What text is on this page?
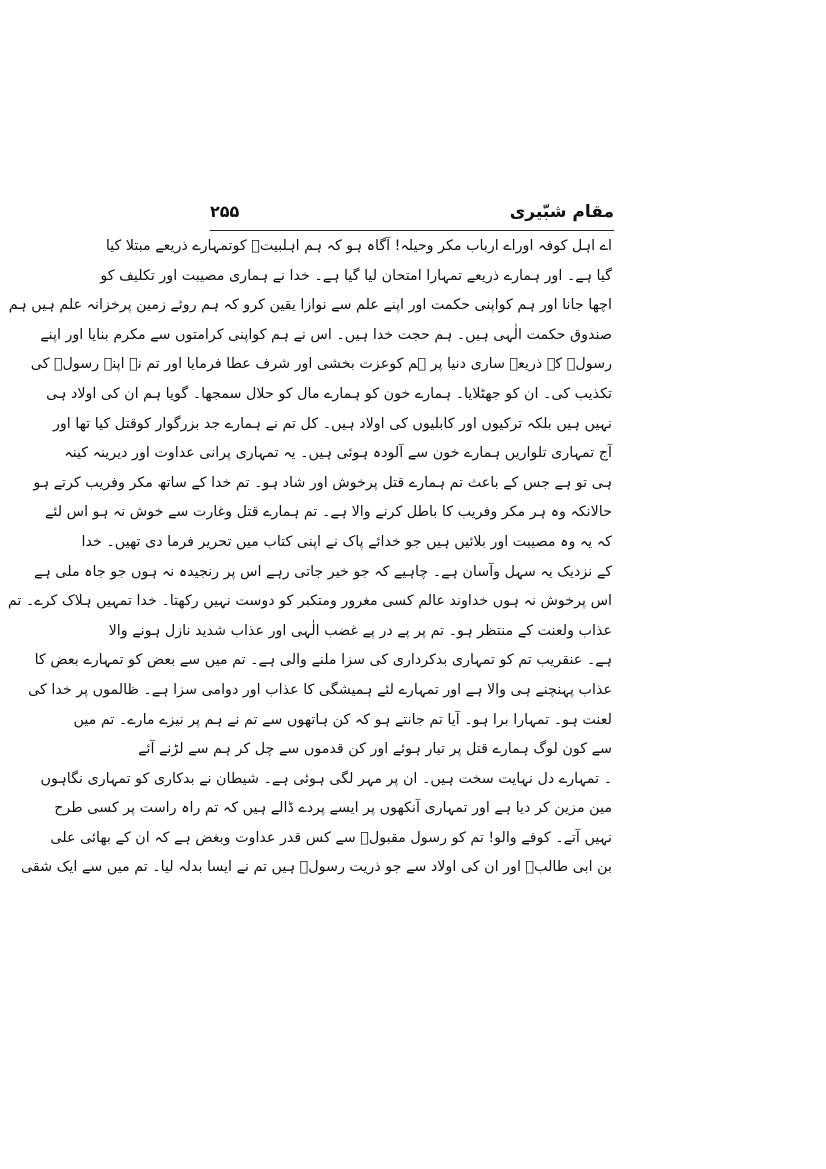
مقام شبّیری
۲۵۵
اے اہل کوفہ اوراے ارباب مکر وحیلہ! آگاہ ہو کہ ہم اہلبیتؑ کوتمہارے ذریعے مبتلا کیا
گیا ہے۔ اور ہمارے ذریعے تمہارا امتحان لیا گیا ہے۔ خدا نے ہماری مصیبت اور تکلیف کو
اچھا جانا اور ہم کواپنی حکمت اور اپنے علم سے نوازا یقین کرو کہ ہم روئے زمین پرخزانہ علم ہیں ہم
صندوق حکمت الٰہی ہیں۔ ہم حجت خدا ہیں۔ اس نے ہم کواپنی کرامتوں سے مکرم بنایا اور اپنے
رسولؐ کے ذریعے ساری دنیا پر ہم کوعزت بخشی اور شرف عطا فرمایا اور تم نے اپنے رسولؐ کی
تکذیب کی۔ ان کو جھٹلایا۔ ہمارے خون کو ہمارے مال کو حلال سمجھا۔ گویا ہم ان کی اولاد ہی
نہیں ہیں بلکہ ترکیوں اور کابلیوں کی اولاد ہیں۔ کل تم نے ہمارے جد بزرگوار کوقتل کیا تھا اور
آج تمہاری تلواریں ہمارے خون سے آلودہ ہوئی ہیں۔ یہ تمہاری پرانی عداوت اور دیرینہ کینہ
ہی تو ہے جس کے باعث تم ہمارے قتل پرخوش اور شاد ہو۔ تم خدا کے ساتھ مکر وفریب کرتے ہو
حالانکہ وہ ہر مکر وفریب کا باطل کرنے والا ہے۔ تم ہمارے قتل وغارت سے خوش نہ ہو اس لئے
کہ یہ وہ مصیبت اور بلائیں ہیں جو خدائے پاک نے اپنی کتاب میں تحریر فرما دی تھیں۔ خدا
کے نزدیک یہ سہل وآسان ہے۔ چاہیے کہ جو خیر جاتی رہے اس پر رنجیدہ نہ ہوں جو جاہ ملی ہے
اس پرخوش نہ ہوں خداوند عالم کسی مغرور ومتکبر کو دوست نہیں رکھتا۔ خدا تمہیں ہلاک کرے۔ تم
عذاب ولعنت کے منتظر ہو۔ تم پر پے در پے غضب الٰہی اور عذاب شدید نازل ہونے والا
ہے۔ عنقریب تم کو تمہاری بدکرداری کی سزا ملنے والی ہے۔ تم میں سے بعض کو تمہارے بعض کا
عذاب پہنچنے ہی والا ہے اور تمہارے لئے ہمیشگی کا عذاب اور دوامی سزا ہے۔ ظالموں پر خدا کی
لعنت ہو۔ تمہارا برا ہو۔ آیا تم جانتے ہو کہ کن ہاتھوں سے تم نے ہم پر نیزے مارے۔ تم میں
سے کون لوگ ہمارے قتل پر تیار ہوئے اور کن قدموں سے چل کر ہم سے لڑنے آئے
۔ تمہارے دل نہایت سخت ہیں۔ ان پر مہر لگی ہوئی ہے۔ شیطان نے بدکاری کو تمہاری نگاہوں
مین مزین کر دیا ہے اور تمہاری آنکھوں پر ایسے پردے ڈالے ہیں کہ تم راہ راست پر کسی طرح
نہیں آتے۔ کوفے والو! تم کو رسول مقبولؐ سے کس قدر عداوت وبغض ہے کہ ان کے بھائی علی
بن ابی طالبؑ اور ان کی اولاد سے جو ذریت رسولؐ ہیں تم نے ایسا بدلہ لیا۔ تم میں سے ایک شقی
